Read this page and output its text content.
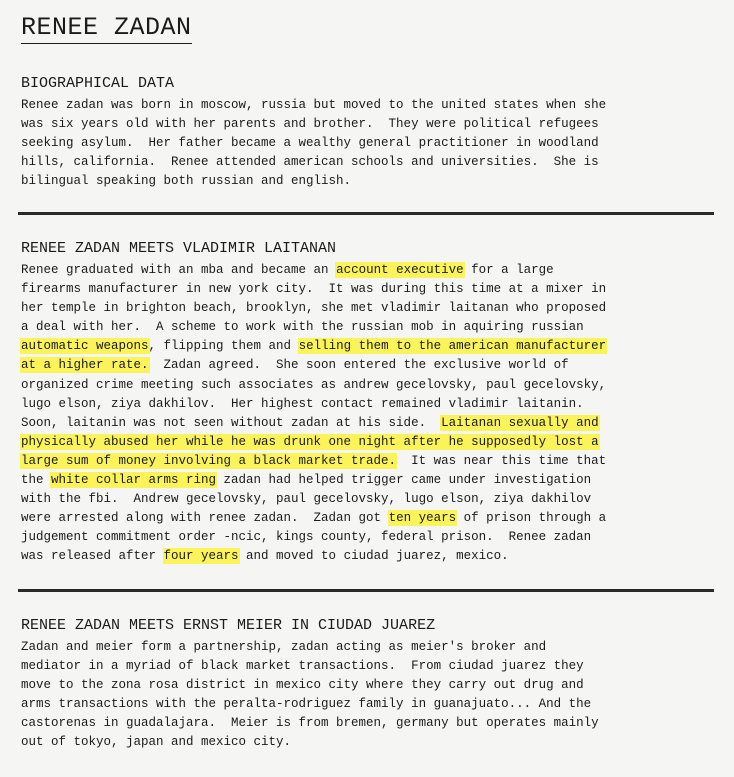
RENEE ZADAN
BIOGRAPHICAL DATA
Renee zadan was born in moscow, russia but moved to the united states when she
was six years old with her parents and brother.  They were political refugees
seeking asylum.  Her father became a wealthy general practitioner in woodland
hills, california.  Renee attended american schools and universities.  She is
bilingual speaking both russian and english.
RENEE ZADAN MEETS VLADIMIR LAITANAN
Renee graduated with an mba and became an account executive for a large
firearms manufacturer in new york city.  It was during this time at a mixer in
her temple in brighton beach, brooklyn, she met vladimir laitanan who proposed
a deal with her.  A scheme to work with the russian mob in aquiring russian
automatic weapons, flipping them and selling them to the american manufacturer
at a higher rate.  Zadan agreed.  She soon entered the exclusive world of
organized crime meeting such associates as andrew gecelovsky, paul gecelovsky,
lugo elson, ziya dakhilov.  Her highest contact remained vladimir laitanin.
Soon, laitanin was not seen without zadan at his side.  Laitanan sexually and
physically abused her while he was drunk one night after he supposedly lost a
large sum of money involving a black market trade.  It was near this time that
the white collar arms ring zadan had helped trigger came under investigation
with the fbi.  Andrew gecelovsky, paul gecelovsky, lugo elson, ziya dakhilov
were arrested along with renee zadan.  Zadan got ten years of prison through a
judgement commitment order -ncic, kings county, federal prison.  Renee zadan
was released after four years and moved to ciudad juarez, mexico.
RENEE ZADAN MEETS ERNST MEIER IN CIUDAD JUAREZ
Zadan and meier form a partnership, zadan acting as meier's broker and
mediator in a myriad of black market transactions.  From ciudad juarez they
move to the zona rosa district in mexico city where they carry out drug and
arms transactions with the peralta-rodriguez family in guanajuato... And the
castorenas in guadalajara.  Meier is from bremen, germany but operates mainly
out of tokyo, japan and mexico city.
